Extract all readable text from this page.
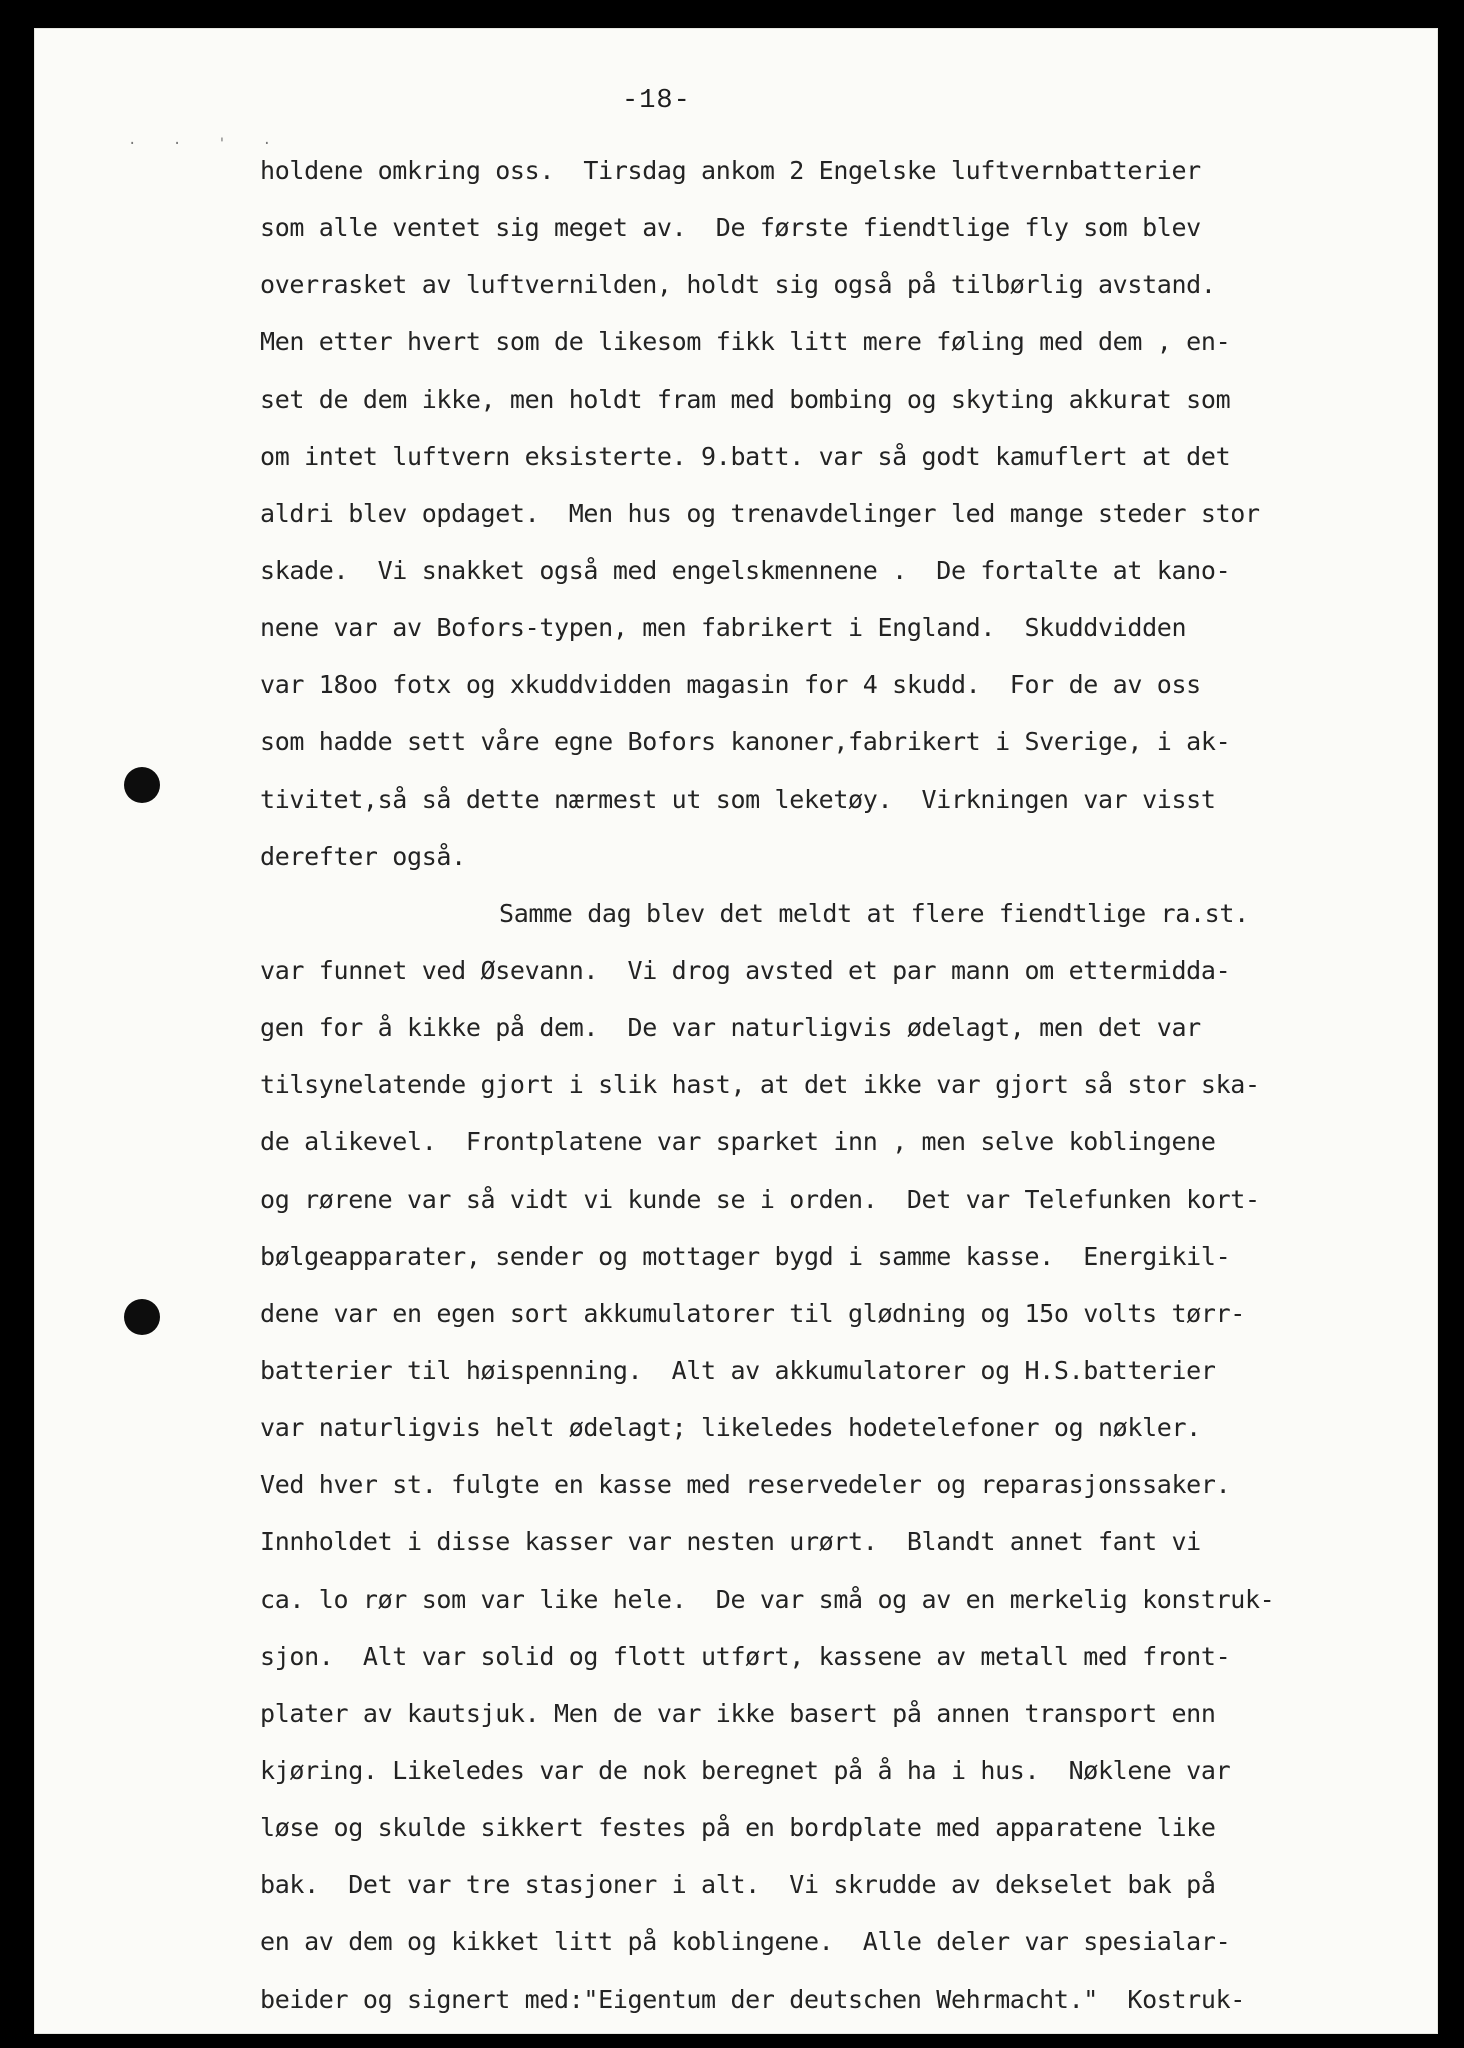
· · ' ·
-18-
holdene omkring oss.  Tirsdag ankom 2 Engelske luftvernbatterier
som alle ventet sig meget av.  De første fiendtlige fly som blev
overrasket av luftvernilden, holdt sig også på tilbørlig avstand.
Men etter hvert som de likesom fikk litt mere føling med dem , en-
set de dem ikke, men holdt fram med bombing og skyting akkurat som
om intet luftvern eksisterte. 9.batt. var så godt kamuflert at det
aldri blev opdaget.  Men hus og trenavdelinger led mange steder stor
skade.  Vi snakket også med engelskmennene .  De fortalte at kano-
nene var av Bofors-typen, men fabrikert i England.  Skuddvidden
var 18oo fotx og xkuddvidden magasin for 4 skudd.  For de av oss
som hadde sett våre egne Bofors kanoner,fabrikert i Sverige, i ak-
tivitet,så så dette nærmest ut som leketøy.  Virkningen var visst
derefter også.
Samme dag blev det meldt at flere fiendtlige ra.st.
var funnet ved Øsevann.  Vi drog avsted et par mann om ettermidda-
gen for å kikke på dem.  De var naturligvis ødelagt, men det var
tilsynelatende gjort i slik hast, at det ikke var gjort så stor ska-
de alikevel.  Frontplatene var sparket inn , men selve koblingene
og rørene var så vidt vi kunde se i orden.  Det var Telefunken kort-
bølgeapparater, sender og mottager bygd i samme kasse.  Energikil-
dene var en egen sort akkumulatorer til glødning og 15o volts tørr-
batterier til høispenning.  Alt av akkumulatorer og H.S.batterier
var naturligvis helt ødelagt; likeledes hodetelefoner og nøkler.
Ved hver st. fulgte en kasse med reservedeler og reparasjonssaker.
Innholdet i disse kasser var nesten urørt.  Blandt annet fant vi
ca. lo rør som var like hele.  De var små og av en merkelig konstruk-
sjon.  Alt var solid og flott utført, kassene av metall med front-
plater av kautsjuk. Men de var ikke basert på annen transport enn
kjøring. Likeledes var de nok beregnet på å ha i hus.  Nøklene var
løse og skulde sikkert festes på en bordplate med apparatene like
bak.  Det var tre stasjoner i alt.  Vi skrudde av dekselet bak på
en av dem og kikket litt på koblingene.  Alle deler var spesialar-
beider og signert med:"Eigentum der deutschen Wehrmacht."  Kostruk-
